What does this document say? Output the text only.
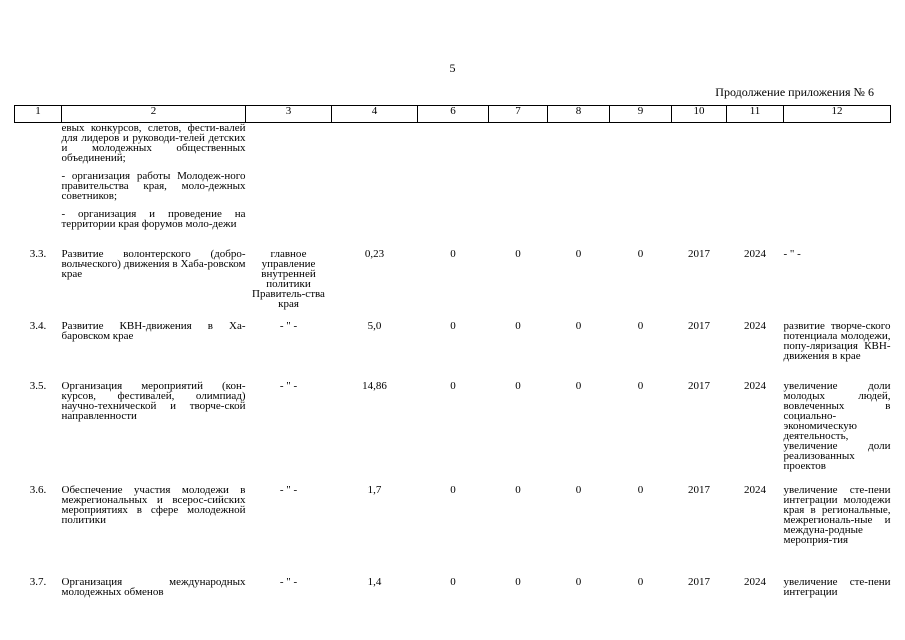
5
Продолжение приложения № 6
1	2	3	4	6	7	8	9	10	11	12

	евых конкурсов, слетов, фести-валей для лидеров и руководи-телей детских и молодежных общественных объединений;
- организация работы Молодеж-ного правительства края, моло-дежных советников;
- организация и проведение на территории края форумов моло-дежи									

3.3.	Развитие волонтерского (добро-вольческого) движения в Хаба-ровском крае	главное управление внутренней политики Правитель-ства края	0,23	0	0	0	0	2017	2024	- " -
3.4.	Развитие КВН-движения в Ха-баровском крае	- " -	5,0	0	0	0	0	2017	2024	развитие творче-ского потенциала молодежи, попу-ляризация КВН-движения в крае
3.5.	Организация мероприятий (кон-курсов, фестивалей, олимпиад) научно-технической и творче-ской направленности	- " -	14,86	0	0	0	0	2017	2024	увеличение доли молодых людей, вовлеченных в социально-экономическую деятельность, увеличение доли реализованных проектов
3.6.	Обеспечение участия молодежи в межрегиональных и всерос-сийских мероприятиях в сфере молодежной политики	- " -	1,7	0	0	0	0	2017	2024	увеличение сте-пени интеграции молодежи края в региональные, межрегиональ-ные и междуна-родные мероприя-тия
3.7.	Организация международных молодежных обменов	- " -	1,4	0	0	0	0	2017	2024	увеличение сте-пени интеграции
